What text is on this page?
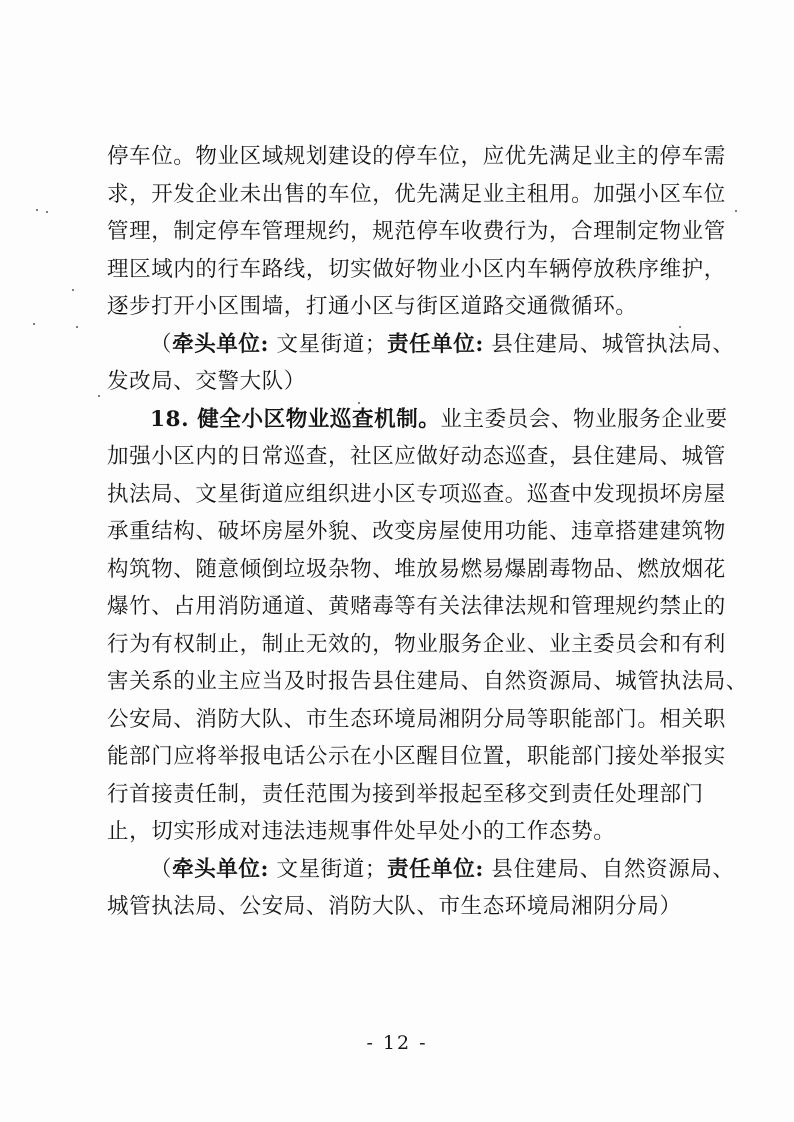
停车位。物业区域规划建设的停车位，应优先满足业主的停车需
求，开发企业未出售的车位，优先满足业主租用。加强小区车位
管理，制定停车管理规约，规范停车收费行为，合理制定物业管
理区域内的行车路线，切实做好物业小区内车辆停放秩序维护，
逐步打开小区围墙，打通小区与街区道路交通微循环。
（牵头单位: 文星街道；责任单位: 县住建局、城管执法局、
发改局、交警大队）
18. 健全小区物业巡查机制。业主委员会、物业服务企业要
加强小区内的日常巡查，社区应做好动态巡查，县住建局、城管
执法局、文星街道应组织进小区专项巡查。巡查中发现损坏房屋
承重结构、破坏房屋外貌、改变房屋使用功能、违章搭建建筑物
构筑物、随意倾倒垃圾杂物、堆放易燃易爆剧毒物品、燃放烟花
爆竹、占用消防通道、黄赌毒等有关法律法规和管理规约禁止的
行为有权制止，制止无效的，物业服务企业、业主委员会和有利
害关系的业主应当及时报告县住建局、自然资源局、城管执法局、
公安局、消防大队、市生态环境局湘阴分局等职能部门。相关职
能部门应将举报电话公示在小区醒目位置，职能部门接处举报实
行首接责任制，责任范围为接到举报起至移交到责任处理部门
止，切实形成对违法违规事件处早处小的工作态势。
（牵头单位: 文星街道；责任单位: 县住建局、自然资源局、
城管执法局、公安局、消防大队、市生态环境局湘阴分局）
- 12 -
